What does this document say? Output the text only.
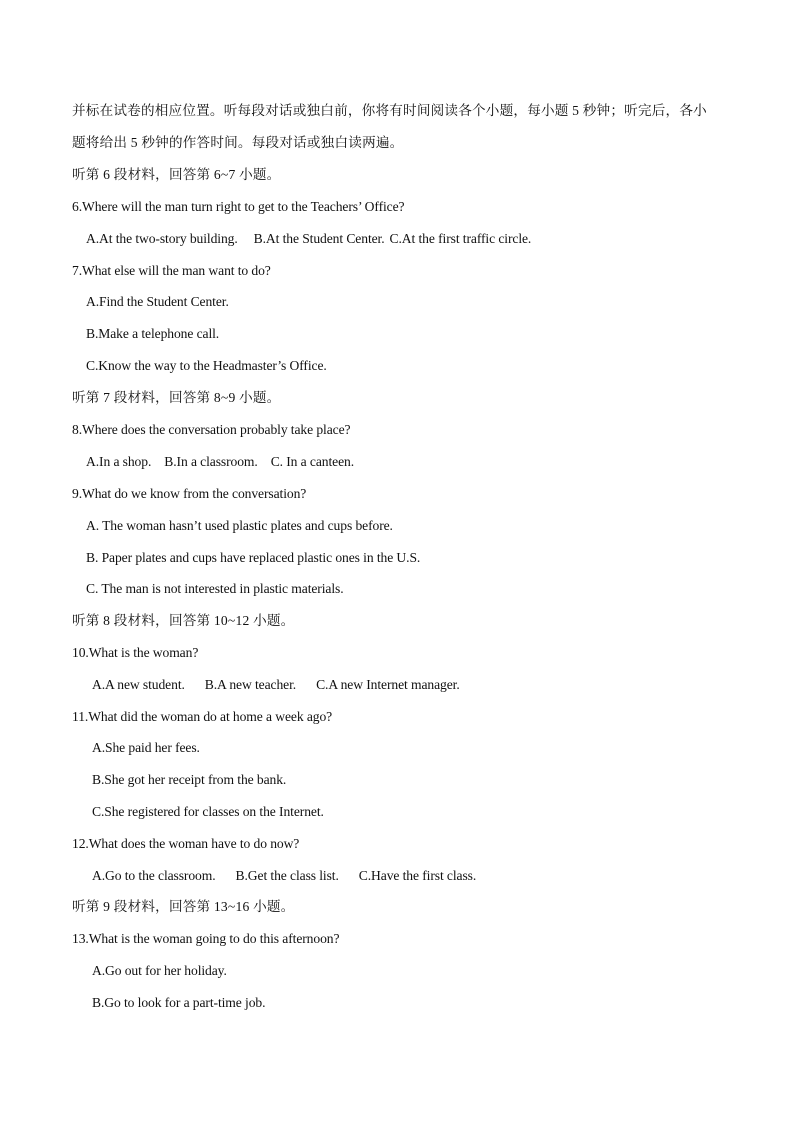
并标在试卷的相应位置。听每段对话或独白前，你将有时间阅读各个小题，每小题 5 秒钟；听完后，各小
题将给出 5 秒钟的作答时间。每段对话或独白读两遍。
听第 6 段材料，回答第 6~7 小题。
6.Where will the man turn right to get to the Teachers’ Office?
A.At the two-story building. B.At the Student Center. C.At the first traffic circle.
7.What else will the man want to do?
A.Find the Student Center.
B.Make a telephone call.
C.Know the way to the Headmaster’s Office.
听第 7 段材料，回答第 8~9 小题。
8.Where does the conversation probably take place?
A.In a shop. B.In a classroom. C. In a canteen.
9.What do we know from the conversation?
A. The woman hasn’t used plastic plates and cups before.
B. Paper plates and cups have replaced plastic ones in the U.S.
C. The man is not interested in plastic materials.
听第 8 段材料，回答第 10~12 小题。
10.What is the woman?
A.A new student. B.A new teacher. C.A new Internet manager.
11.What did the woman do at home a week ago?
A.She paid her fees.
B.She got her receipt from the bank.
C.She registered for classes on the Internet.
12.What does the woman have to do now?
A.Go to the classroom. B.Get the class list. C.Have the first class.
听第 9 段材料，回答第 13~16 小题。
13.What is the woman going to do this afternoon?
A.Go out for her holiday.
B.Go to look for a part-time job.
